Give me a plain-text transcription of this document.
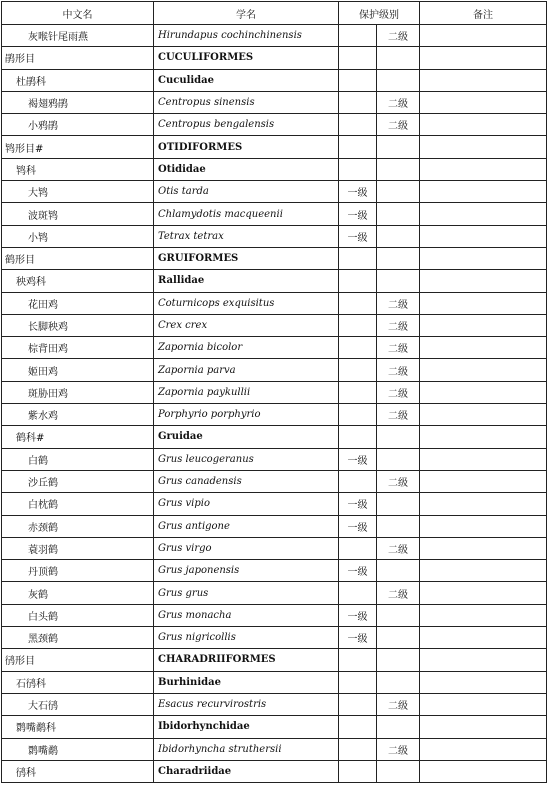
中文名	学名	保护级别		备注
灰喉针尾雨燕	Hirundapus cochinchinensis		二级	
鹃形目	CUCULIFORMES			
杜鹃科	Cuculidae			
褐翅鸦鹃	Centropus sinensis		二级	
小鸦鹃	Centropus bengalensis		二级	
鸨形目#	OTIDIFORMES			
鸨科	Otididae			
大鸨	Otis tarda	一级		
波斑鸨	Chlamydotis macqueenii	一级		
小鸨	Tetrax tetrax	一级		
鹤形目	GRUIFORMES			
秧鸡科	Rallidae			
花田鸡	Coturnicops exquisitus		二级	
长脚秧鸡	Crex crex		二级	
棕背田鸡	Zapornia bicolor		二级	
姬田鸡	Zapornia parva		二级	
斑胁田鸡	Zapornia paykullii		二级	
紫水鸡	Porphyrio porphyrio		二级	
鹤科#	Gruidae			
白鹤	Grus leucogeranus	一级		
沙丘鹤	Grus canadensis		二级	
白枕鹤	Grus vipio	一级		
赤颈鹤	Grus antigone	一级		
蓑羽鹤	Grus virgo		二级	
丹顶鹤	Grus japonensis	一级		
灰鹤	Grus grus		二级	
白头鹤	Grus monacha	一级		
黑颈鹤	Grus nigricollis	一级		
鸻形目	CHARADRIIFORMES			
石鸻科	Burhinidae			
大石鸻	Esacus recurvirostris		二级	
鹮嘴鹬科	Ibidorhynchidae			
鹮嘴鹬	Ibidorhyncha struthersii		二级	
鸻科	Charadriidae			
